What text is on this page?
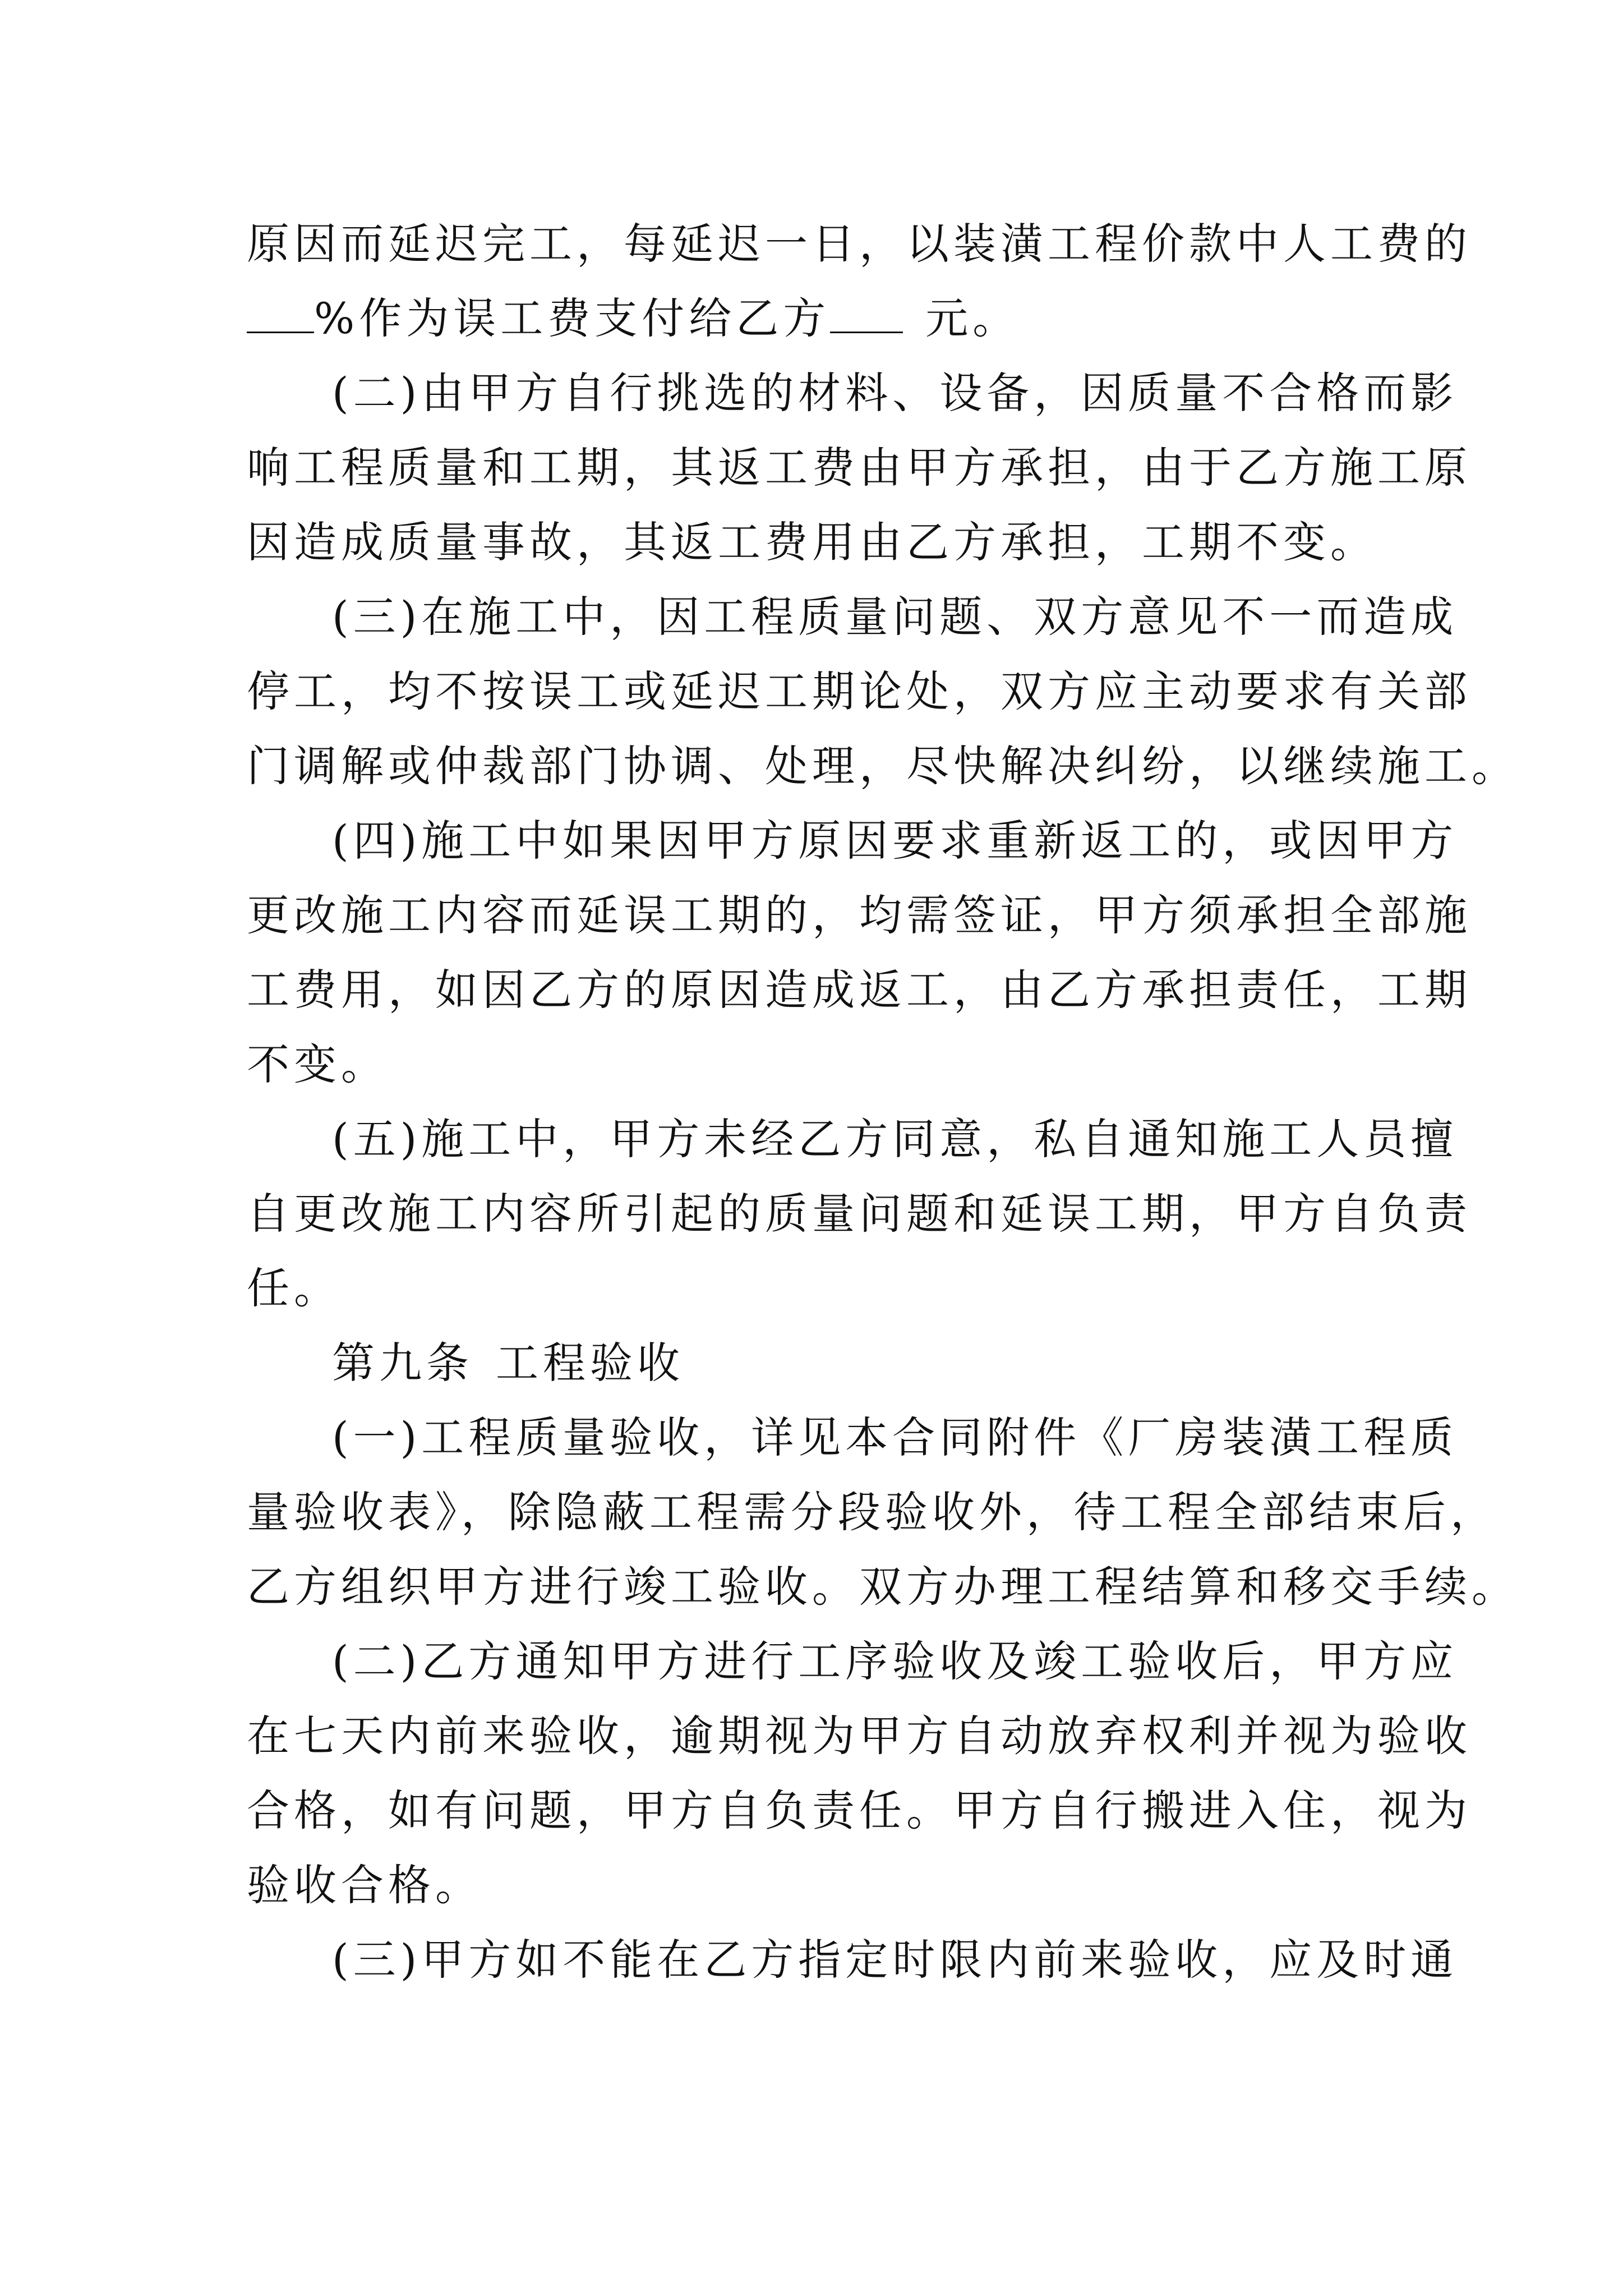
原因而延迟完工，每延迟一日，以装潢工程价款中人工费的
%作为误工费支付给乙方 元。
(二)由甲方自行挑选的材料、设备，因质量不合格而影
响工程质量和工期，其返工费由甲方承担，由于乙方施工原
因造成质量事故，其返工费用由乙方承担，工期不变。
(三)在施工中，因工程质量问题、双方意见不一而造成
停工，均不按误工或延迟工期论处，双方应主动要求有关部
门调解或仲裁部门协调、处理，尽快解决纠纷，以继续施工。
(四)施工中如果因甲方原因要求重新返工的，或因甲方
更改施工内容而延误工期的，均需签证，甲方须承担全部施
工费用，如因乙方的原因造成返工，由乙方承担责任，工期
不变。
(五)施工中，甲方未经乙方同意，私自通知施工人员擅
自更改施工内容所引起的质量问题和延误工期，甲方自负责
任。
第九条 工程验收
(一)工程质量验收，详见本合同附件《厂房装潢工程质
量验收表》，除隐蔽工程需分段验收外，待工程全部结束后，
乙方组织甲方进行竣工验收。双方办理工程结算和移交手续。
(二)乙方通知甲方进行工序验收及竣工验收后，甲方应
在七天内前来验收，逾期视为甲方自动放弃权利并视为验收
合格，如有问题，甲方自负责任。甲方自行搬进入住，视为
验收合格。
(三)甲方如不能在乙方指定时限内前来验收，应及时通
